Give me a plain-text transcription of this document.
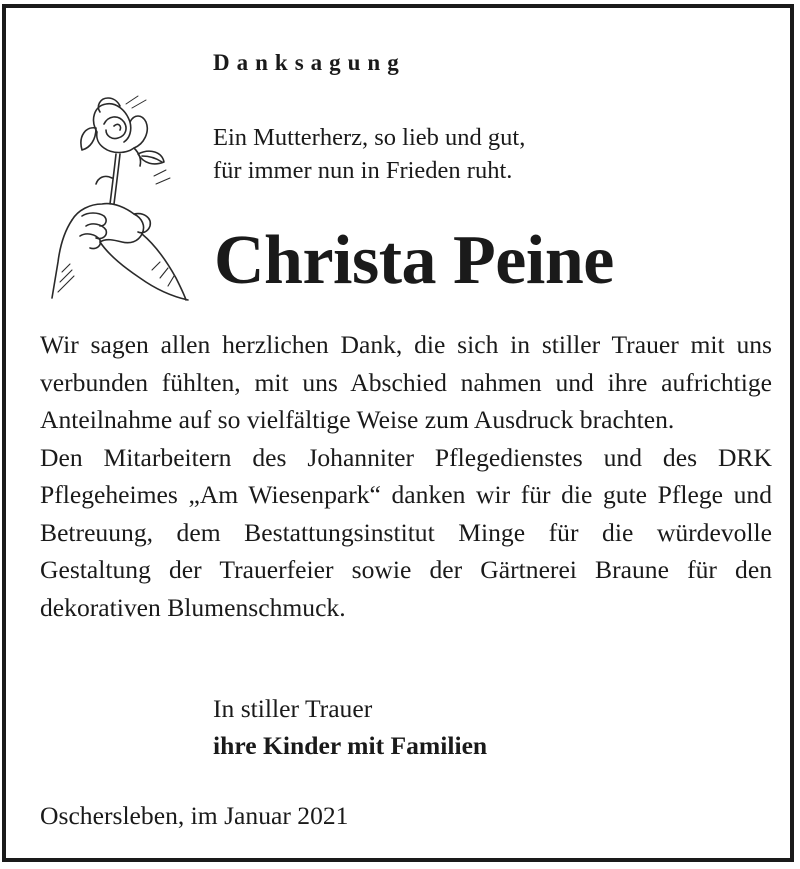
Danksagung
Ein Mutterherz, so lieb und gut,
für immer nun in Frieden ruht.
Christa Peine

Wir sagen allen herzlichen Dank, die sich in stiller Trauer mit uns verbunden fühlten, mit uns Abschied nahmen und ihre aufrichtige Anteilnahme auf so vielfältige Weise zum Ausdruck brachten.

Den Mitarbeitern des Johanniter Pflegedienstes und des DRK Pflegeheimes „Am Wiesenpark“ danken wir für die gute Pflege und Betreuung, dem Bestattungsinstitut Minge für die würdevolle Gestaltung der Trauerfeier sowie der Gärtnerei Braune für den dekorativen Blumenschmuck.

In stiller Trauer
ihre Kinder mit Familien
Oschersleben, im Januar 2021
